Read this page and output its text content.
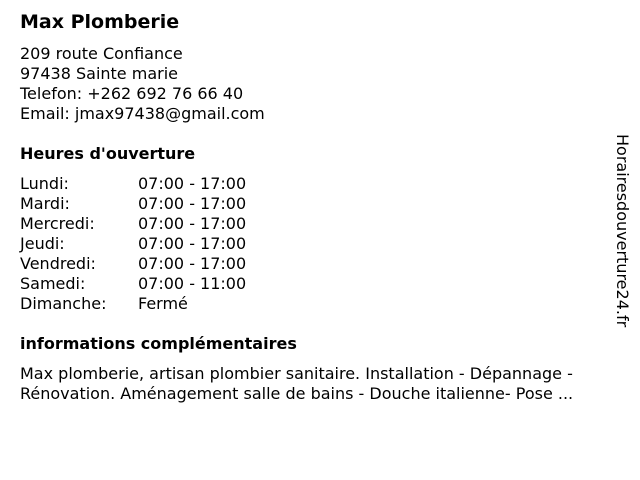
Max Plomberie
209 route Confiance
97438 Sainte marie
Telefon: +262 692 76 66 40
Email: jmax97438@gmail.com
Heures d'ouverture
Lundi:	07:00 - 17:00
Mardi:	07:00 - 17:00
Mercredi:	07:00 - 17:00
Jeudi:	07:00 - 17:00
Vendredi:	07:00 - 17:00
Samedi:	07:00 - 11:00
Dimanche:	Fermé
informations complémentaires
Max plomberie, artisan plombier sanitaire. Installation - Dépannage -
Rénovation. Aménagement salle de bains - Douche italienne- Pose ...
Horairesdouverture24.fr
